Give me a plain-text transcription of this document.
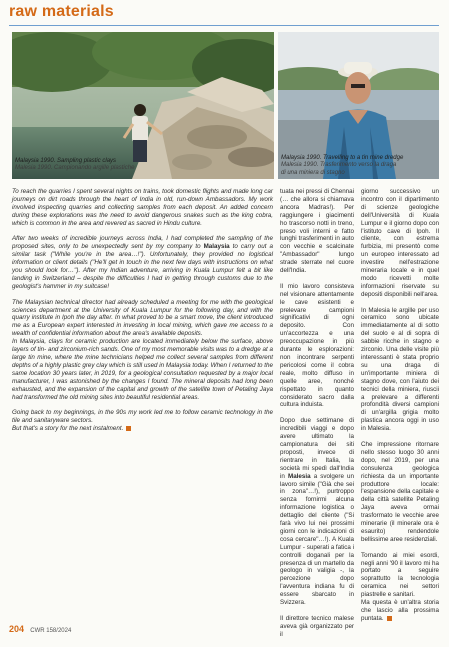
raw materials
Malaysia 1990. Sampling plastic clays
Malesia 1990. Campionando argille plastiche
Malaysia 1990. Travelling to a tin mine dredge
Malesia 1990. Trasferimento verso la draga
di una miniera di stagno

To reach the quarries I spent several nights on trains, took domestic flights and made long car journeys on dirt roads through the heart of India in old, run-down Ambassadors. My work involved inspecting quarries and collecting samples from each deposit. An added concern during these explorations was the need to avoid dangerous snakes such as the king cobra, which is common in the area and revered as sacred in Hindu culture.

After two weeks of incredible journeys across India, I had completed the sampling of the proposed sites, only to be unexpectedly sent by my company to Malaysia to carry out a similar task ("While you're in the area…!"). Unfortunately, they provided no logistical information or client details ("He'll get in touch in the next few days with instructions on what you should look for…"). After my Indian adventure, arriving in Kuala Lumpur felt a bit like landing in Switzerland – despite the difficulties I had in getting through customs due to the geologist's hammer in my suitcase!

The Malaysian technical director had already scheduled a meeting for me with the geological sciences department at the University of Kuala Lumpur for the following day, and with the quarry institute in Ipoh the day after. In what proved to be a smart move, the client introduced me as a European expert interested in investing in local mining, which gave me access to a wealth of confidential information about the area's available deposits.

In Malaysia, clays for ceramic production are located immediately below the surface, above layers of tin- and zirconium-rich sands. One of my most memorable visits was to a dredge at a large tin mine, where the mine technicians helped me collect several samples from different depths of a highly plastic grey clay which is still used in Malaysia today. When I returned to the same location 30 years later, in 2019, for a geological consultation requested by a major local manufacturer, I was astonished by the changes I found. The mineral deposits had long been exhausted, and the expansion of the capital and growth of the satellite town of Petaling Jaya had transformed the old mining sites into beautiful residential areas.

Going back to my beginnings, in the 90s my work led me to follow ceramic technology in the tile and sanitaryware sectors.

But that's a story for the next instalment.

tuata nei pressi di Chennai (… che allora si chiamava ancora Madras!). Per raggiungere i giacimenti ho trascorso notti in treno, preso voli interni e fatto lunghi trasferimenti in auto con vecchie e scalcinate "Ambassador" lungo strade sterrate nel cuore dell'India.

Il mio lavoro consisteva nel visionare attentamente le cave esistenti e prelevare campioni significativi di ogni deposito. Con un'accortezza e una preoccupazione in più durante le esplorazioni: non incontrare serpenti pericolosi come il cobra reale, molto diffuso in quelle aree, nonché rispettato in quanto considerato sacro dalla cultura induista.

Dopo due settimane di incredibili viaggi e dopo avere ultimato la campionatura dei siti proposti, invece di rientrare in Italia, la società mi spedì dall'India in Malesia a svolgere un lavoro simile ("Già che sei in zona"…!), purtroppo senza fornirmi alcuna informazione logistica o dettaglio del cliente ("Si farà vivo lui nei prossimi giorni con le indicazioni di cosa cercare"…!). A Kuala Lumpur - superati a fatica i controlli doganali per la presenza di un martello da geologo in valigia -, la percezione dopo l'avventura indiana fu di essere sbarcato in Svizzera.

Il direttore tecnico malese aveva già organizzato per il

giorno successivo un incontro con il dipartimento di scienze geologiche dell'Università di Kuala Lumpur e il giorno dopo con l'istituto cave di Ipoh. Il cliente, con estrema furbizia, mi presentò come un europeo interessato ad investire nell'estrazione mineraria locale e in quel modo ricevetti molte informazioni riservate su depositi disponibili nell'area.

In Malesia le argille per uso ceramico sono ubicate immediatamente al di sotto del suolo e al di sopra di sabbie ricche in stagno e zirconio. Una delle visite più interessanti è stata proprio su una draga di un'importante miniera di stagno dove, con l'aiuto dei tecnici della miniera, riuscii a prelevare a differenti profondità diversi campioni di un'argilla grigia molto plastica ancora oggi in uso in Malesia.

Che impressione ritornare nello stesso luogo 30 anni dopo, nel 2019, per una consulenza geologica richiesta da un importante produttore locale: l'espansione della capitale e della città satellite Petaling Jaya aveva ormai trasformato le vecchie aree minerarie (il minerale ora è esaurito) rendendole bellissime aree residenziali.

Tornando ai miei esordi, negli anni '90 il lavoro mi ha portato a seguire soprattutto la tecnologia ceramica nei settori piastrelle e sanitari.

Ma questa è un'altra storia che lascio alla prossima puntata.

204 CWR 158/2024
